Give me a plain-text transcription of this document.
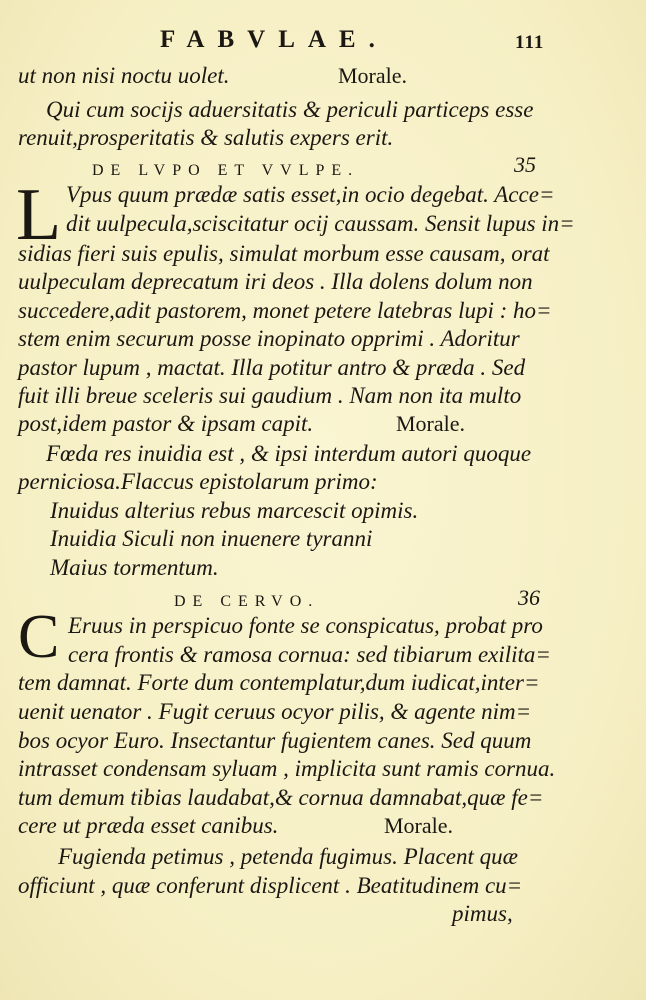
FABVLAE.	111
ut non nisi noctu uolet.	Morale.
Qui cum socijs aduersitatis & periculi particeps esse
renuit,prosperitatis & salutis expers erit.
DE LVPO ET VVLPE.	35
L Vpus quum prædæ satis esset,in ocio degebat. Acce=
dit uulpecula,sciscitatur ocij caussam. Sensit lupus in=
sidias fieri suis epulis, simulat morbum esse causam, orat
uulpeculam deprecatum iri deos . Illa dolens dolum non
succedere,adit pastorem, monet petere latebras lupi : ho=
stem enim securum posse inopinato opprimi . Adoritur
pastor lupum , mactat. Illa potitur antro & præda . Sed
fuit illi breue sceleris sui gaudium . Nam non ita multo
post,idem pastor & ipsam capit.	Morale.
Fœda res inuidia est , & ipsi interdum autori quoque
perniciosa.Flaccus epistolarum primo:
Inuidus alterius rebus marcescit opimis.
Inuidia Siculi non inuenere tyranni
Maius tormentum.
DE CERVO.	36
C Eruus in perspicuo fonte se conspicatus, probat pro
cera frontis & ramosa cornua: sed tibiarum exilita=
tem damnat. Forte dum contemplatur,dum iudicat,inter=
uenit uenator . Fugit ceruus ocyor pilis, & agente nim=
bos ocyor Euro. Insectantur fugientem canes. Sed quum
intrasset condensam syluam , implicita sunt ramis cornua.
tum demum tibias laudabat,& cornua damnabat,quæ fe=
cere ut præda esset canibus.	Morale.
Fugienda petimus , petenda fugimus. Placent quæ
officiunt , quæ conferunt displicent . Beatitudinem cu=
pimus,
